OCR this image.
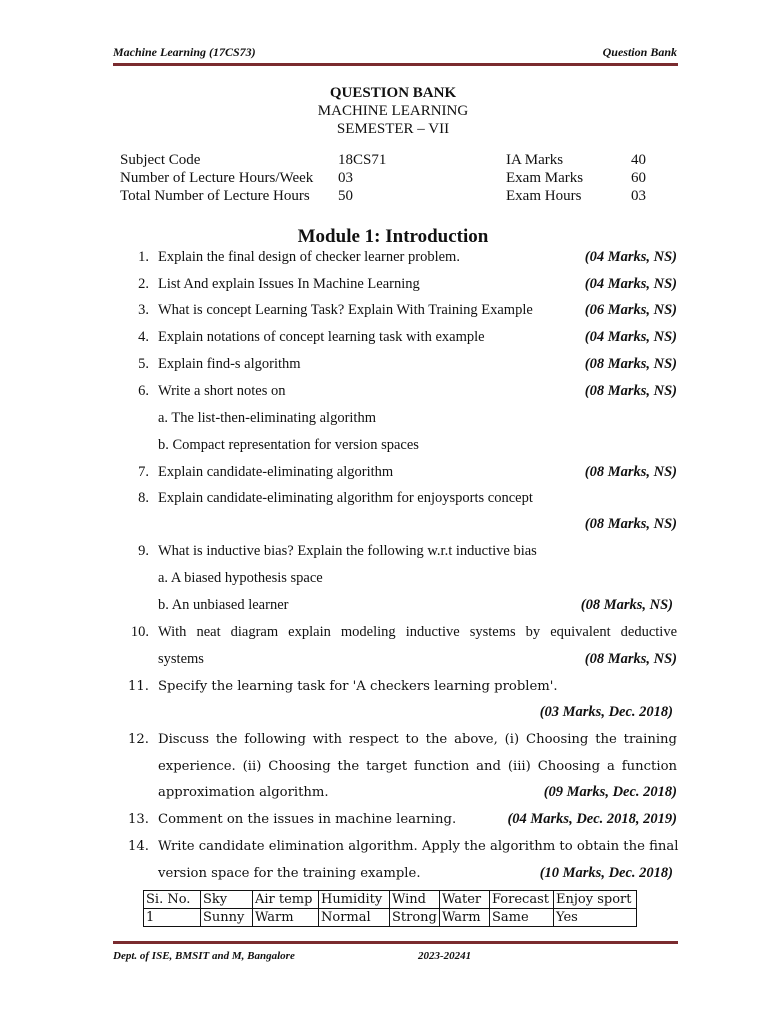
Machine Learning (17CS73)	Question Bank
QUESTION BANK
MACHINE LEARNING
SEMESTER – VII
Subject Code	18CS71	IA Marks	40
Number of Lecture Hours/Week 03	Exam Marks	60
Total Number of Lecture Hours 50	Exam Hours	03
Module 1: Introduction
1. Explain the final design of checker learner problem.	(04 Marks, NS)
2. List And explain Issues In Machine Learning	(04 Marks, NS)
3. What is concept Learning Task? Explain With Training Example	(06 Marks, NS)
4. Explain notations of concept learning task with example	(04 Marks, NS)
5. Explain find-s algorithm	(08 Marks, NS)
6. Write a short notes on	(08 Marks, NS)
a. The list-then-eliminating algorithm
b. Compact representation for version spaces
7. Explain candidate-eliminating algorithm	(08 Marks, NS)
8. Explain candidate-eliminating algorithm for enjoysports concept
(08 Marks, NS)
9. What is inductive bias? Explain the following w.r.t inductive bias
a. A biased hypothesis space
b. An unbiased learner	(08 Marks, NS)
10. With neat diagram explain modeling inductive systems by equivalent deductive
systems	(08 Marks, NS)
11. Specify the learning task for 'A checkers learning problem'.
(03 Marks, Dec. 2018)
12. Discuss the following with respect to the above, (i) Choosing the training
experience. (ii) Choosing the target function and (iii) Choosing a function
approximation algorithm.	(09 Marks, Dec. 2018)
13. Comment on the issues in machine learning.	(04 Marks, Dec. 2018, 2019)
14. Write candidate elimination algorithm. Apply the algorithm to obtain the final
version space for the training example.	(10 Marks, Dec. 2018)
Si. No.	Sky	Air temp	Humidity	Wind	Water	Forecast	Enjoy sport
1	Sunny	Warm	Normal	Strong	Warm	Same	Yes
Dept. of ISE, BMSIT and M, Bangalore	2023-20241
